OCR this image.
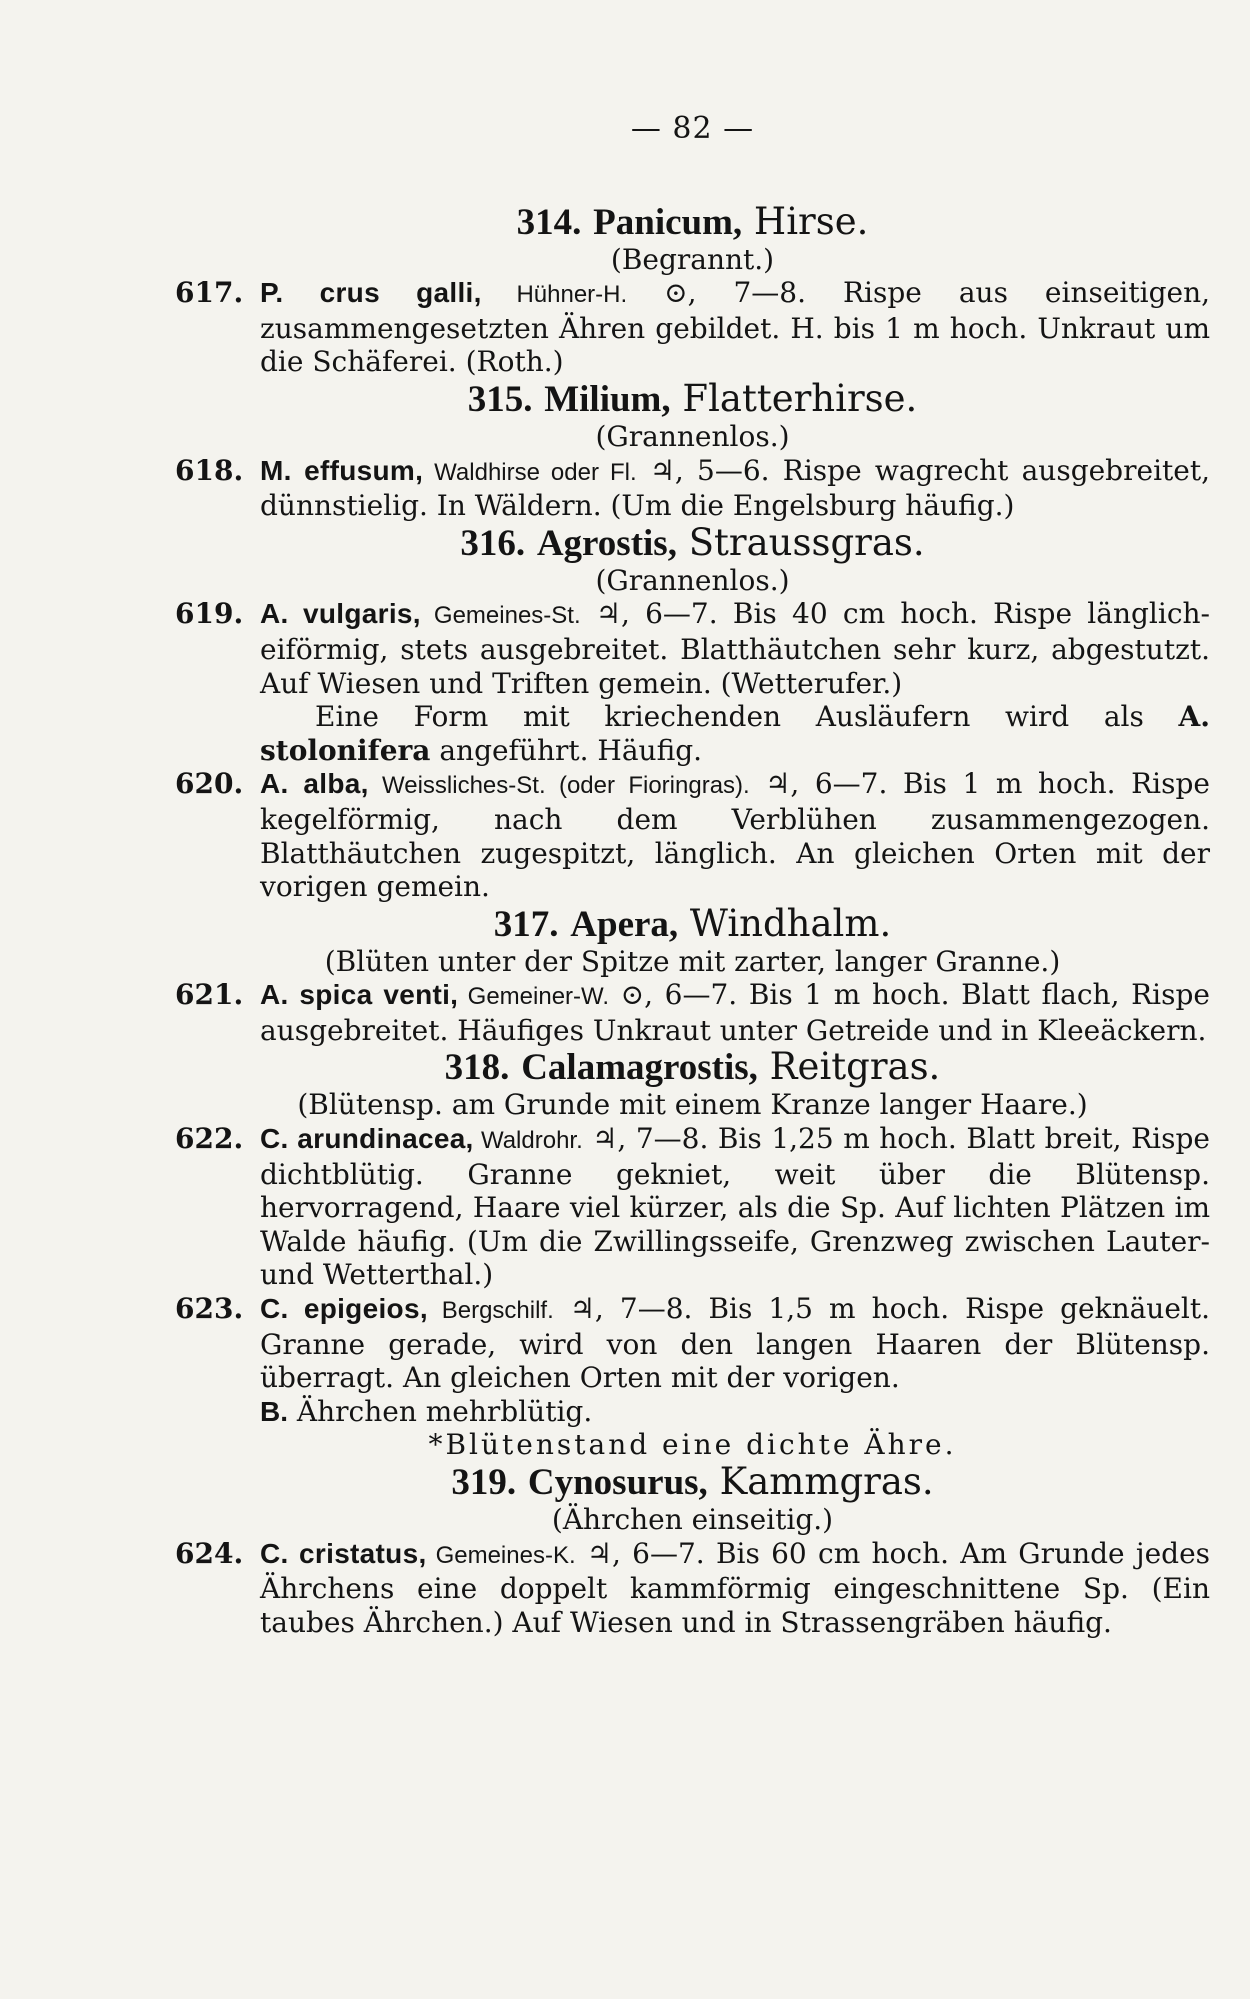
— 82 —
314. Panicum, Hirse.
(Begrannt.)
617. P. crus galli, Hühner-H. ⊙, 7—8. Rispe aus einseitigen, zusammengesetzten Ähren gebildet. H. bis 1 m hoch. Unkraut um die Schäferei. (Roth.)
315. Milium, Flatterhirse.
(Grannenlos.)
618. M. effusum, Waldhirse oder Fl. ♃, 5—6. Rispe wagrecht ausgebreitet, dünnstielig. In Wäldern. (Um die Engelsburg häufig.)
316. Agrostis, Straussgras.
(Grannenlos.)
619. A. vulgaris, Gemeines-St. ♃, 6—7. Bis 40 cm hoch. Rispe länglich-eiförmig, stets ausgebreitet. Blatthäutchen sehr kurz, abgestutzt. Auf Wiesen und Triften gemein. (Wetterufer.)
Eine Form mit kriechenden Ausläufern wird als A. stolonifera angeführt. Häufig.
620. A. alba, Weissliches-St. (oder Fioringras). ♃, 6—7. Bis 1 m hoch. Rispe kegelförmig, nach dem Verblühen zusammengezogen. Blatthäutchen zugespitzt, länglich. An gleichen Orten mit der vorigen gemein.
317. Apera, Windhalm.
(Blüten unter der Spitze mit zarter, langer Granne.)
621. A. spica venti, Gemeiner-W. ⊙, 6—7. Bis 1 m hoch. Blatt flach, Rispe ausgebreitet. Häufiges Unkraut unter Getreide und in Kleeäckern.
318. Calamagrostis, Reitgras.
(Blütensp. am Grunde mit einem Kranze langer Haare.)
622. C. arundinacea, Waldrohr. ♃, 7—8. Bis 1,25 m hoch. Blatt breit, Rispe dichtblütig. Granne gekniet, weit über die Blütensp. hervorragend, Haare viel kürzer, als die Sp. Auf lichten Plätzen im Walde häufig. (Um die Zwillingsseife, Grenzweg zwischen Lauter- und Wetterthal.)
623. C. epigeios, Bergschilf. ♃, 7—8. Bis 1,5 m hoch. Rispe geknäuelt. Granne gerade, wird von den langen Haaren der Blütensp. überragt. An gleichen Orten mit der vorigen.
B. Ährchen mehrblütig.
*Blütenstand eine dichte Ähre.
319. Cynosurus, Kammgras.
(Ährchen einseitig.)
624. C. cristatus, Gemeines-K. ♃, 6—7. Bis 60 cm hoch. Am Grunde jedes Ährchens eine doppelt kammförmig eingeschnittene Sp. (Ein taubes Ährchen.) Auf Wiesen und in Strassengräben häufig.
